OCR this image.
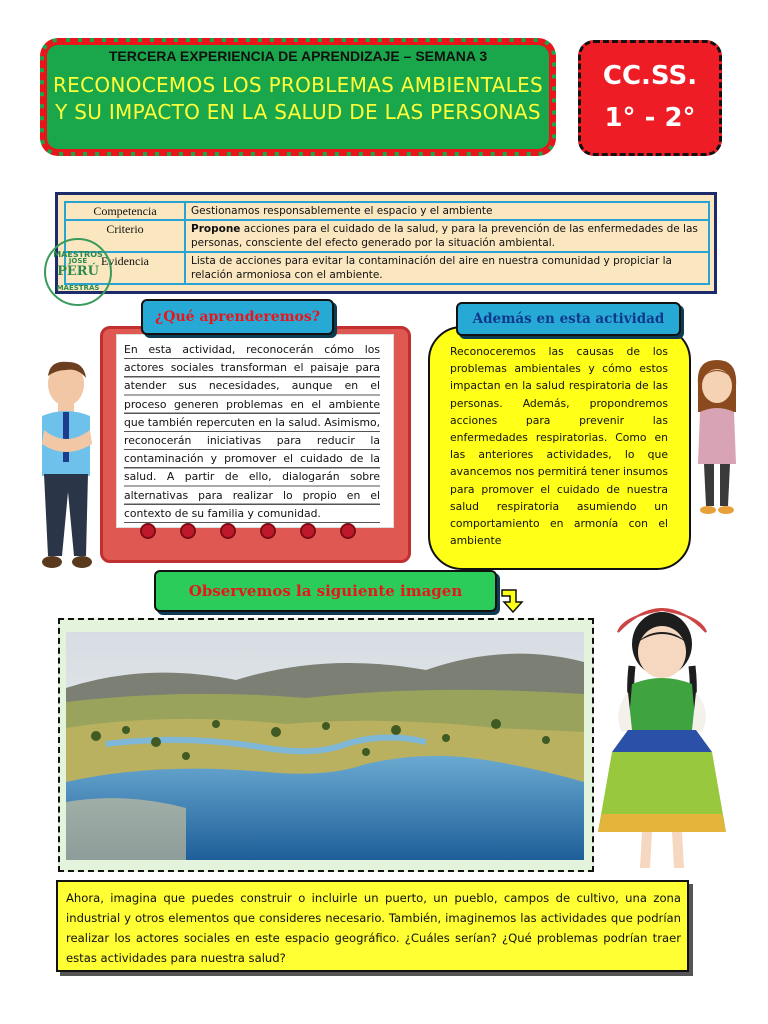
TERCERA EXPERIENCIA DE APRENDIZAJE – SEMANA 3
RECONOCEMOS LOS PROBLEMAS AMBIENTALES Y SU IMPACTO EN LA SALUD DE LAS PERSONAS
CC.SS.
1° - 2°
Competencia	Gestionamos responsablemente el espacio y el ambiente
Criterio	Propone acciones para el cuidado de la salud, y para la prevención de las enfermedades de las personas, consciente del efecto generado por la situación ambiental.
Evidencia	Lista de acciones para evitar la contaminación del aire en nuestra comunidad y propiciar la relación armoniosa con el ambiente.
MAESTROS
JOSÉ
PERÚ
MAESTRAS
En esta actividad, reconocerán cómo los actores sociales transforman el paisaje para atender sus necesidades, aunque en el proceso generen problemas en el ambiente que también repercuten en la salud. Asimismo, reconocerán iniciativas para reducir la contaminación y promover el cuidado de la salud. A partir de ello, dialogarán sobre alternativas para realizar lo propio en el contexto de su familia y comunidad.
¿Qué aprenderemos?
Reconoceremos las causas de los problemas ambientales y cómo estos impactan en la salud respiratoria de las personas. Además, propondremos acciones para prevenir las enfermedades respiratorias. Como en las anteriores actividades, lo que avancemos nos permitirá tener insumos para promover el cuidado de nuestra salud respiratoria asumiendo un comportamiento en armonía con el ambiente
Además en esta actividad
Observemos la siguiente imagen
Ahora, imagina que puedes construir o incluirle un puerto, un pueblo, campos de cultivo, una zona industrial y otros elementos que consideres necesario. También, imaginemos las actividades que podrían realizar los actores sociales en este espacio geográfico. ¿Cuáles serían? ¿Qué problemas podrían traer estas actividades para nuestra salud?
